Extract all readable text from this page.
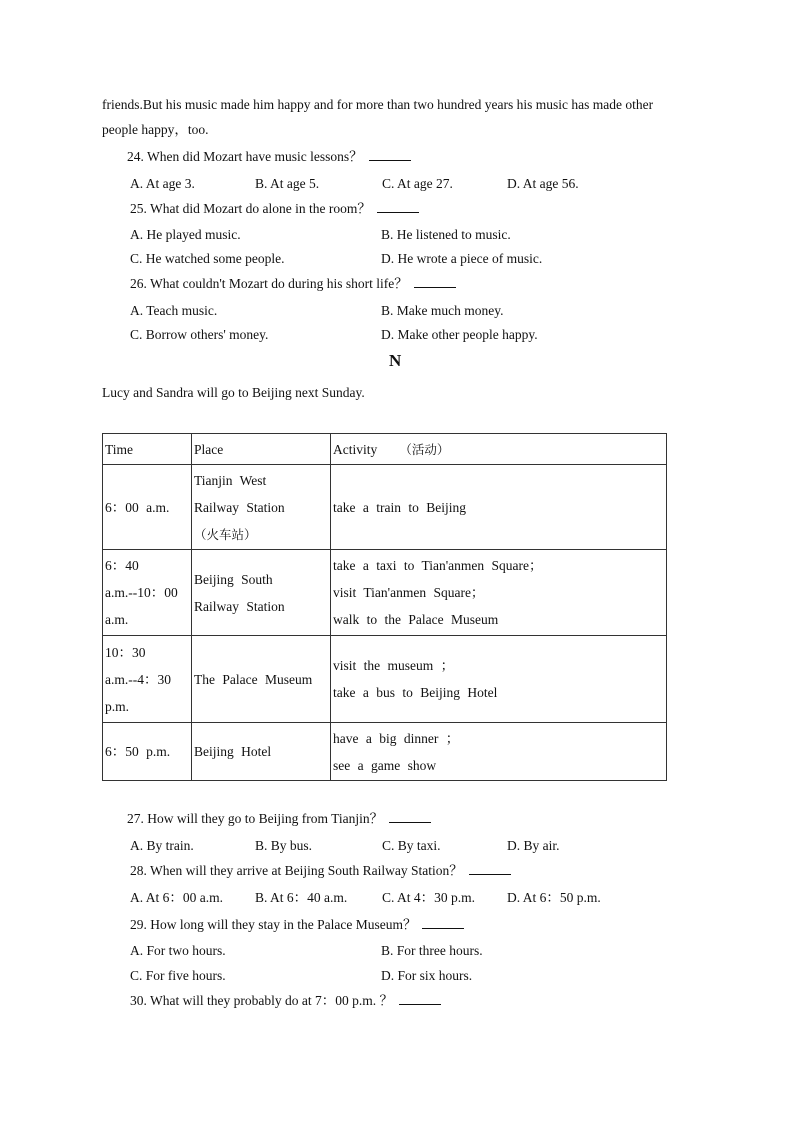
friends.But his music made him happy and for more than two hundred years his music has made other
people happy，too.
24. When did Mozart have music lessons？
A. At age 3.	B. At age 5.	C. At age 27.	D. At age 56.
25. What did Mozart do alone in the room？
A. He played music.	B. He listened to music.
C. He watched some people.	D. He wrote a piece of music.
26. What couldn't Mozart do during his short life？
A. Teach music.	B. Make much money.
C. Borrow others' money.	D. Make other people happy.
N
Lucy and Sandra will go to Beijing next Sunday.
Time	Place	Activity （活动）

6：00 a.m.	Tianjin West
Railway Station
（火车站）	take a train to Beijing

6：40
a.m.--10：00
a.m.	Beijing South
Railway Station	take a taxi to Tian'anmen Square；
visit Tian'anmen Square；
walk to the Palace Museum

10：30
a.m.--4：30
p.m.	The Palace Museum	visit the museum ；
take a bus to Beijing Hotel

6：50 p.m.	Beijing Hotel	have a big dinner ；
see a game show
27. How will they go to Beijing from Tianjin？
A. By train.	B. By bus.	C. By taxi.	D. By air.
28. When will they arrive at Beijing South Railway Station？
A. At 6：00 a.m. B. At 6：40 a.m.	C. At 4：30 p.m. D. At 6：50 p.m.
29. How long will they stay in the Palace Museum？
A. For two hours.	B. For three hours.
C. For five hours.	D. For six hours.
30. What will they probably do at 7：00 p.m. ？
